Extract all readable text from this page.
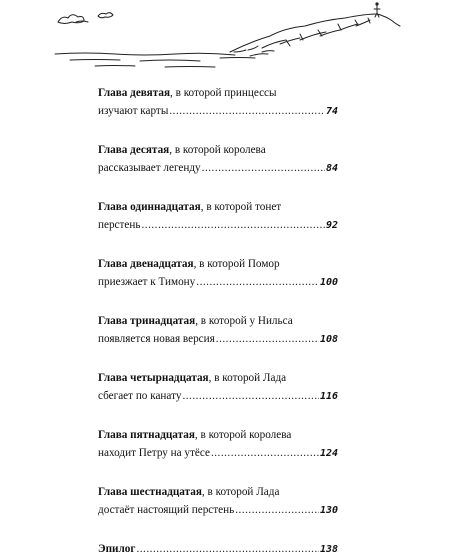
Глава девятая , в которой принцессы
изучают карты .....	74
Глава десятая , в которой королева
рассказывает легенду .....	84
Глава одиннадцатая , в которой тонет
перстень .....	92
Глава двенадцатая , в которой Помор
приезжает к Тимону .....	100
Глава тринадцатая , в которой у Нильса
появляется новая версия .....	108
Глава четырнадцатая , в которой Лада
сбегает по канату .....	116
Глава пятнадцатая , в которой королева
находит Петру на утёсе .....	124
Глава шестнадцатая , в которой Лада
достаёт настоящий перстень .....	130
Эпилог .....	138
